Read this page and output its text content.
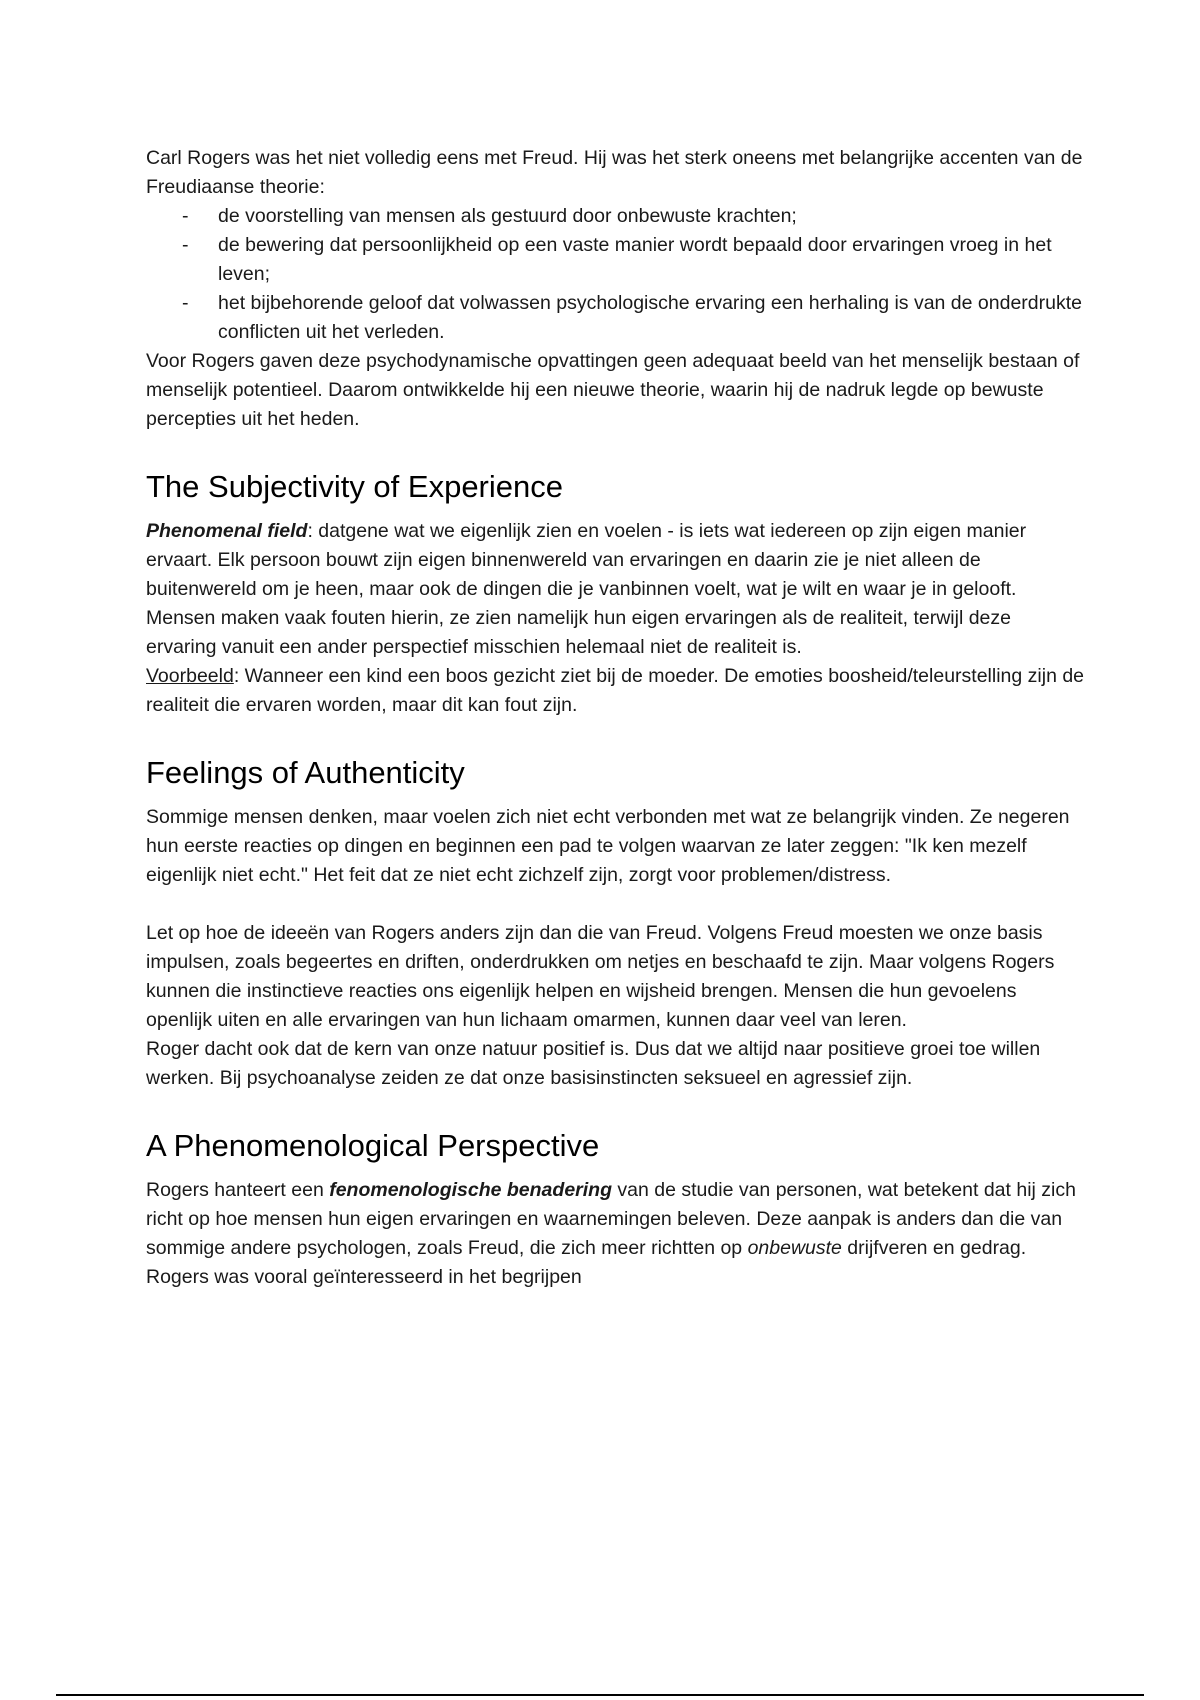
Carl Rogers was het niet volledig eens met Freud. Hij was het sterk oneens met belangrijke accenten van de Freudiaanse theorie:

- de voorstelling van mensen als gestuurd door onbewuste krachten;
- de bewering dat persoonlijkheid op een vaste manier wordt bepaald door ervaringen vroeg in het leven;
- het bijbehorende geloof dat volwassen psychologische ervaring een herhaling is van de onderdrukte conflicten uit het verleden.

Voor Rogers gaven deze psychodynamische opvattingen geen adequaat beeld van het menselijk bestaan of menselijk potentieel. Daarom ontwikkelde hij een nieuwe theorie, waarin hij de nadruk legde op bewuste percepties uit het heden.

The Subjectivity of Experience

Phenomenal field: datgene wat we eigenlijk zien en voelen - is iets wat iedereen op zijn eigen manier ervaart. Elk persoon bouwt zijn eigen binnenwereld van ervaringen en daarin zie je niet alleen de buitenwereld om je heen, maar ook de dingen die je vanbinnen voelt, wat je wilt en waar je in gelooft. Mensen maken vaak fouten hierin, ze zien namelijk hun eigen ervaringen als de realiteit, terwijl deze ervaring vanuit een ander perspectief misschien helemaal niet de realiteit is.

Voorbeeld: Wanneer een kind een boos gezicht ziet bij de moeder. De emoties boosheid/teleurstelling zijn de realiteit die ervaren worden, maar dit kan fout zijn.

Feelings of Authenticity

Sommige mensen denken, maar voelen zich niet echt verbonden met wat ze belangrijk vinden. Ze negeren hun eerste reacties op dingen en beginnen een pad te volgen waarvan ze later zeggen: "Ik ken mezelf eigenlijk niet echt." Het feit dat ze niet echt zichzelf zijn, zorgt voor problemen/distress.

Let op hoe de ideeën van Rogers anders zijn dan die van Freud. Volgens Freud moesten we onze basis impulsen, zoals begeertes en driften, onderdrukken om netjes en beschaafd te zijn. Maar volgens Rogers kunnen die instinctieve reacties ons eigenlijk helpen en wijsheid brengen. Mensen die hun gevoelens openlijk uiten en alle ervaringen van hun lichaam omarmen, kunnen daar veel van leren.

Roger dacht ook dat de kern van onze natuur positief is. Dus dat we altijd naar positieve groei toe willen werken. Bij psychoanalyse zeiden ze dat onze basisinstincten seksueel en agressief zijn.

A Phenomenological Perspective

Rogers hanteert een fenomenologische benadering van de studie van personen, wat betekent dat hij zich richt op hoe mensen hun eigen ervaringen en waarnemingen beleven. Deze aanpak is anders dan die van sommige andere psychologen, zoals Freud, die zich meer richtten op onbewuste drijfveren en gedrag. Rogers was vooral geïnteresseerd in het begrijpen
